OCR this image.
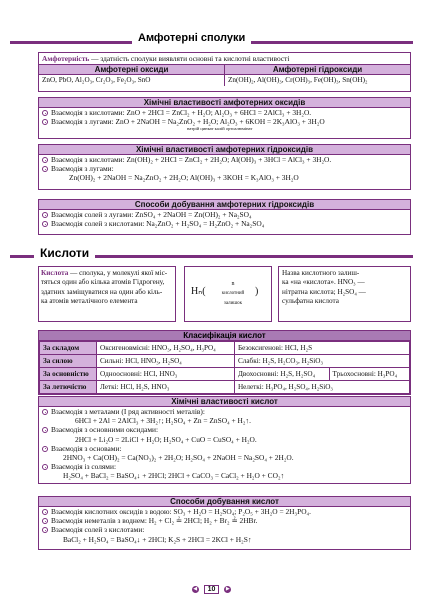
Амфотерні сполуки
Амфотерність — здатність сполуки виявляти основні та кислотні властивості
Амфотерні оксиди	Амфотерні гідроксиди
ZnO, PbO, Al₂O₃, Cr₂O₃, Fe₂O₃, SnO	Zn(OH)₂, Al(OH)₃, Cr(OH)₃, Fe(OH)₃, Sn(OH)₂
Хімічні властивості амфотерних оксидів
Взаємодія з кислотами: ZnO + 2HCl = ZnCl₂ + H₂O; Al₂O₃ + 6HCl = 2AlCl₃ + 3H₂O.
Взаємодія з лугами: ZnO + 2NaOH = Na₂ZnO₂ + H₂O; Al₂O₃ + 6KOH = 2K₃AlO₃ + 3H₂O
натрій цинкат калій ортоалюмінат
Хімічні властивості амфотерних гідроксидів
Взаємодія з кислотами: Zn(OH)₂ + 2HCl = ZnCl₂ + 2H₂O; Al(OH)₃ + 3HCl = AlCl₃ + 3H₂O.
Взаємодія з лугами:
Zn(OH)₂ + 2NaOH = Na₂ZnO₂ + 2H₂O; Al(OH)₃ + 3KOH = K₃AlO₃ + 3H₂O
Способи добування амфотерних гідроксидів
Взаємодія солей з лугами: ZnSO₄ + 2NaOH = Zn(OH)₂ + Na₂SO₄
Взаємодія солей з кислотами: Na₂ZnO₂ + H₂SO₄ = H₂ZnO₂ + Na₂SO₄
Кислоти
Кислота — сполука, у молекулі якої міс-
тяться один або кілька атомів Гідрогену,
здатних заміщуватися на один або кіль-
ка атомів металічного елемента
Hₙ(
n
кислотний
залишок
)
Назва кислотного залиш-
ка «на «кислота». HNO₃ —
нітратна кислота; H₂SO₄ —
сульфатна кислота
Класифікація кислот
За складом	Оксигеновмісні: HNO₃, H₂SO₄, H₃PO₄	Безоксигенові: HCl, H₂S	
За силою	Сильні: HCl, HNO₃, H₂SO₄	Слабкі: H₂S, H₂CO₃, H₂SiO₃	
За основністю	Одноосновні: HCl, HNO₃	Двохосновні: H₂S, H₂SO₄	Трьохосновні: H₃PO₄
За летючістю	Леткі: HCl, H₂S, HNO₃	Нелеткі: H₃PO₄, H₂SO₄, H₂SiO₃	
Хімічні властивості кислот
Взаємодія з металами (І ряд активності металів):
6HCl + 2Al = 2AlCl₃ + 3H₂↑; H₂SO₄ + Zn = ZnSO₄ + H₂↑.
Взаємодія з основними оксидами:
2HCl + Li₂O = 2LiCl + H₂O; H₂SO₄ + CuO = CuSO₄ + H₂O.
Взаємодія з основами:
2HNO₃ + Ca(OH)₂ = Ca(NO₃)₂ + 2H₂O; H₂SO₄ + 2NaOH = Na₂SO₄ + 2H₂O.
Взаємодія із солями:
H₂SO₄ + BaCl₂ = BaSO₄↓ + 2HCl; 2HCl + CaCO₃ = CaCl₂ + H₂O + CO₂↑
Способи добування кислот
Взаємодія кислотних оксидів з водою: SO₃ + H₂O = H₂SO₄; P₂O₅ + 3H₂O = 2H₃PO₄.
Взаємодія неметалів з воднем: H₂ + Cl₂ ≟ 2HCl; H₂ + Br₂ ≟ 2HBr.
Взаємодія солей з кислотами:
BaCl₂ + H₂SO₄ = BaSO₄↓ + 2HCl; K₂S + 2HCl = 2KCl + H₂S↑
◀ 10 ▶
